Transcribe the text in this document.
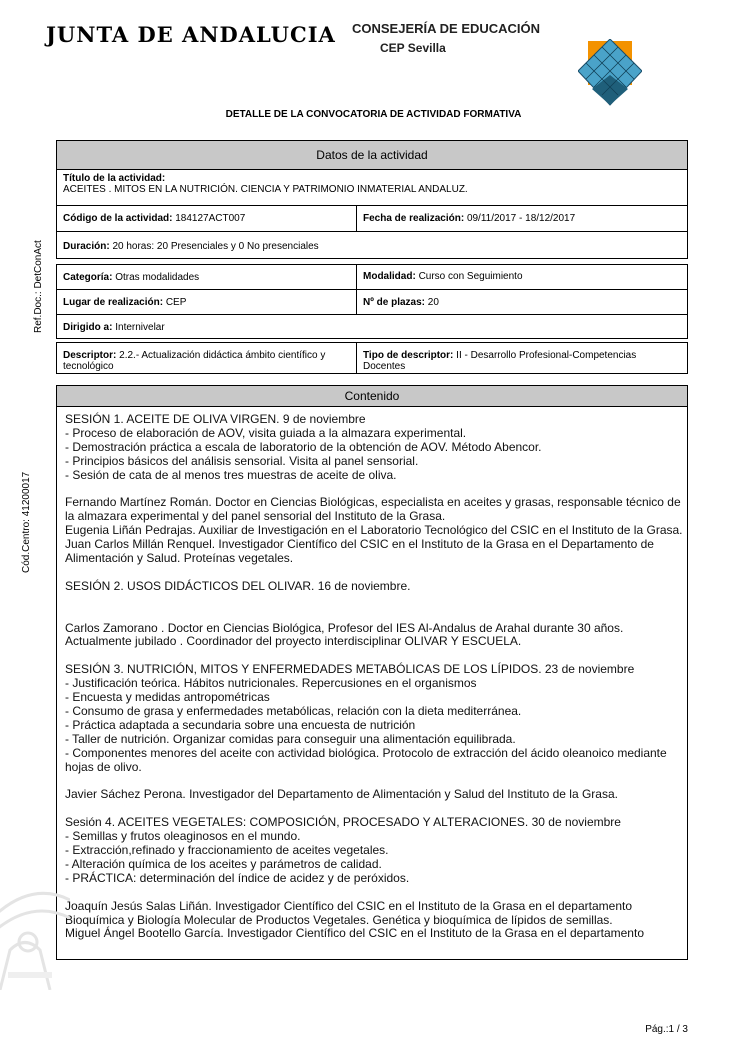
JUNTA DE ANDALUCIA CONSEJERÍA DE EDUCACIÓN
CEP Sevilla
DETALLE DE LA CONVOCATORIA DE ACTIVIDAD FORMATIVA
Ref.Doc.: DetConAct
Cód.Centro: 41200017
Datos de la actividad
Título de la actividad:
ACEITES . MITOS EN LA NUTRICIÓN. CIENCIA Y PATRIMONIO INMATERIAL ANDALUZ.
Código de la actividad: 184127ACT007	Fecha de realización: 09/11/2017 - 18/12/2017
Duración: 20 horas: 20 Presenciales y 0 No presenciales
Categoría: Otras modalidades	Modalidad: Curso con Seguimiento
Lugar de realización: CEP	Nº de plazas: 20
Dirigido a: Internivelar
Descriptor: 2.2.- Actualización didáctica ámbito científico y tecnológico
Tipo de descriptor: II - Desarrollo Profesional-Competencias Docentes
Contenido

SESIÓN 1. ACEITE DE OLIVA VIRGEN. 9 de noviembre

- Proceso de elaboración de AOV, visita guiada a la almazara experimental.

- Demostración práctica a escala de laboratorio de la obtención de AOV. Método Abencor.

- Principios básicos del análisis sensorial. Visita al panel sensorial.

- Sesión de cata de al menos tres muestras de aceite de oliva.

Fernando Martínez Román. Doctor en Ciencias Biológicas, especialista en aceites y grasas, responsable técnico de la almazara experimental y del panel sensorial del Instituto de la Grasa.

Eugenia Liñán Pedrajas. Auxiliar de Investigación en el Laboratorio Tecnológico del CSIC en el Instituto de la Grasa.

Juan Carlos Millán Renquel. Investigador Científico del CSIC en el Instituto de la Grasa en el Departamento de Alimentación y Salud. Proteínas vegetales.

SESIÓN 2. USOS DIDÁCTICOS DEL OLIVAR. 16 de noviembre.

Carlos Zamorano . Doctor en Ciencias Biológica, Profesor del IES Al-Andalus de Arahal durante 30 años.

Actualmente jubilado . Coordinador del proyecto interdisciplinar OLIVAR Y ESCUELA.

SESIÓN 3. NUTRICIÓN, MITOS Y ENFERMEDADES METABÓLICAS DE LOS LÍPIDOS. 23 de noviembre

- Justificación teórica. Hábitos nutricionales. Repercusiones en el organismos

- Encuesta y medidas antropométricas

- Consumo de grasa y enfermedades metabólicas, relación con la dieta mediterránea.

- Práctica adaptada a secundaria sobre una encuesta de nutrición

- Taller de nutrición. Organizar comidas para conseguir una alimentación equilibrada.

- Componentes menores del aceite con actividad biológica. Protocolo de extracción del ácido oleanoico mediante hojas de olivo.

Javier Sáchez Perona. Investigador del Departamento de Alimentación y Salud del Instituto de la Grasa.

Sesión 4. ACEITES VEGETALES: COMPOSICIÓN, PROCESADO Y ALTERACIONES. 30 de noviembre

- Semillas y frutos oleaginosos en el mundo.

- Extracción,refinado y fraccionamiento de aceites vegetales.

- Alteración química de los aceites y parámetros de calidad.

- PRÁCTICA: determinación del índice de acidez y de peróxidos.

Joaquín Jesús Salas Liñán. Investigador Científico del CSIC en el Instituto de la Grasa en el departamento Bioquímica y Biología Molecular de Productos Vegetales. Genética y bioquímica de lípidos de semillas.

Miguel Ángel Bootello García. Investigador Científico del CSIC en el Instituto de la Grasa en el departamento

Pág.:1 / 3
